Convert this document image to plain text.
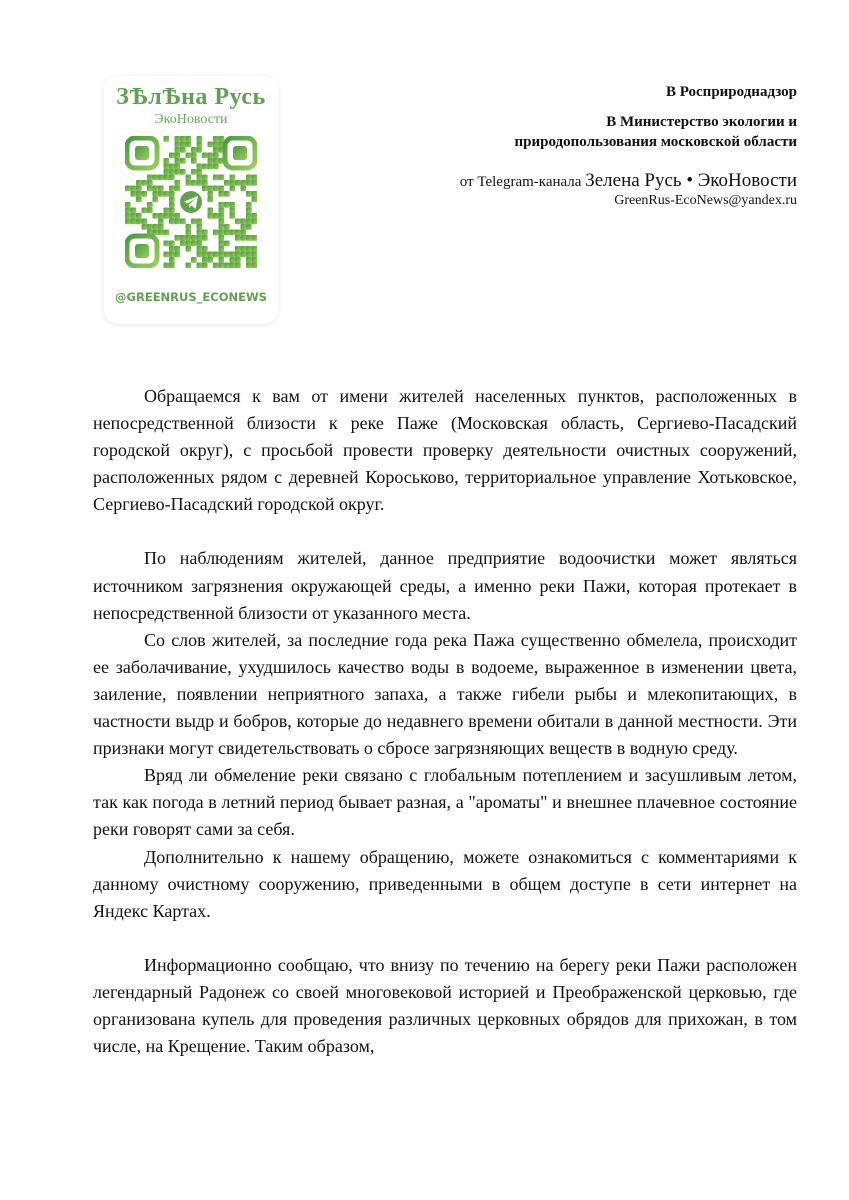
ЗѢлѢна Русь
ЭкоНовости
@GREENRUS_ECONEWS
В Росприроднадзор
В Министерство экологии и
природопользования московской области
от Telegram-канала Зелена Русь • ЭкоНовости
GreenRus-EcoNews@yandex.ru

Обращаемся к вам от имени жителей населенных пунктов, расположенных в непосредственной близости к реке Паже (Московская область, Сергиево-Пасадский городской округ), с просьбой провести проверку деятельности очистных сооружений, расположенных рядом с деревней Короськово, территориальное управление Хотьковское, Сергиево-Пасадский городской округ.

По наблюдениям жителей, данное предприятие водоочистки может являться источником загрязнения окружающей среды, а именно реки Пажи, которая протекает в непосредственной близости от указанного места.

Со слов жителей, за последние года река Пажа существенно обмелела, происходит ее заболачивание, ухудшилось качество воды в водоеме, выраженное в изменении цвета, заиление, появлении неприятного запаха, а также гибели рыбы и млекопитающих, в частности выдр и бобров, которые до недавнего времени обитали в данной местности. Эти признаки могут свидетельствовать о сбросе загрязняющих веществ в водную среду.

Вряд ли обмеление реки связано с глобальным потеплением и засушливым летом, так как погода в летний период бывает разная, а "ароматы" и внешнее плачевное состояние реки говорят сами за себя.

Дополнительно к нашему обращению, можете ознакомиться с комментариями к данному очистному сооружению, приведенными в общем доступе в сети интернет на Яндекс Картах.

Информационно сообщаю, что внизу по течению на берегу реки Пажи расположен легендарный Радонеж со своей многовековой историей и Преображенской церковью, где организована купель для проведения различных церковных обрядов для прихожан, в том числе, на Крещение. Таким образом,
